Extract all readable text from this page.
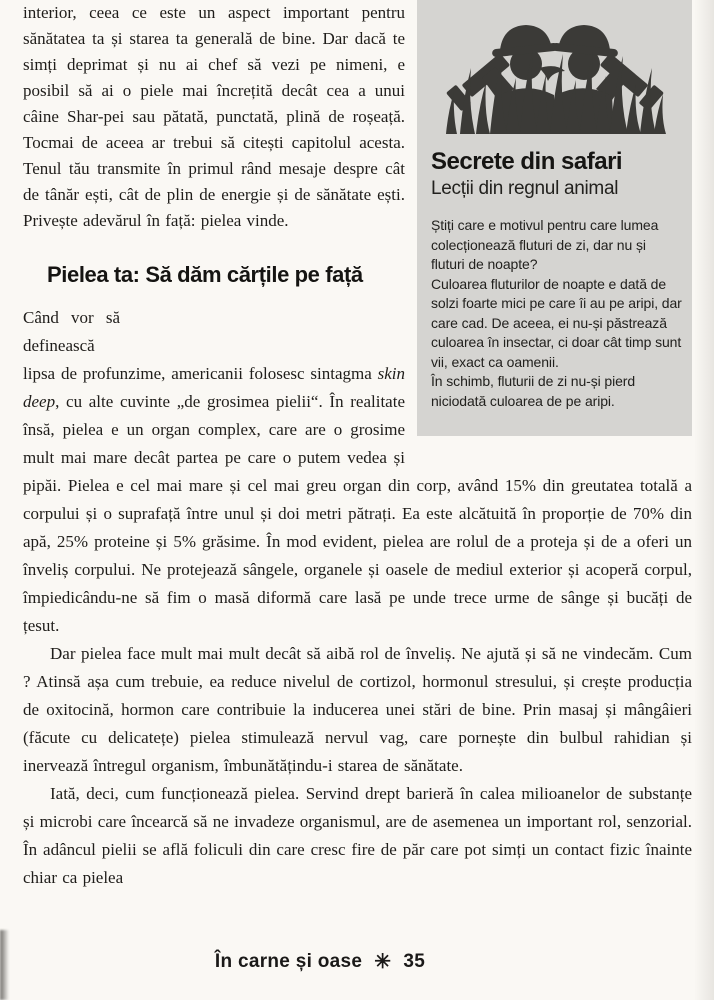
Secrete din safari
Lecții din regnul animal

Știți care e motivul pentru care lumea colecționează fluturi de zi, dar nu și fluturi de noapte?

Culoarea fluturilor de noapte e dată de solzi foarte mici pe care îi au pe aripi, dar care cad. De aceea, ei nu-și păstrează culoarea în insectar, ci doar cât timp sunt vii, exact ca oamenii.

În schimb, fluturii de zi nu-și pierd niciodată culoarea de pe aripi.

interior, ceea ce este un aspect important pentru sănătatea ta și starea ta generală de bine. Dar dacă te simți deprimat și nu ai chef să vezi pe nimeni, e posibil să ai o piele mai încrețită decât cea a unui câine Shar-pei sau pătată, punctată, plină de roșeață. Tocmai de aceea ar trebui să citești capitolul acesta. Tenul tău transmite în primul rând mesaje despre cât de tânăr ești, cât de plin de energie și de sănătate ești. Privește adevărul în față: pielea vinde.

Pielea ta: Să dăm cărțile pe față

Când vor să definească lipsa de profunzime, americanii folosesc sintagma skin deep, cu alte cuvinte „de grosimea pielii“. În realitate însă, pielea e un organ complex, care are o grosime mult mai mare decât partea pe care o putem vedea și pipăi. Pielea e cel mai mare și cel mai greu organ din corp, având 15% din greutatea totală a corpului și o suprafață între unul și doi metri pătrați. Ea este alcătuită în proporție de 70% din apă, 25% proteine și 5% grăsime. În mod evident, pielea are rolul de a proteja și de a oferi un înveliș corpului. Ne protejează sângele, organele și oasele de mediul exterior și acoperă corpul, împiedicându-ne să fim o masă diformă care lasă pe unde trece urme de sânge și bucăți de țesut.

Dar pielea face mult mai mult decât să aibă rol de înveliș. Ne ajută și să ne vindecăm. Cum ? Atinsă așa cum trebuie, ea reduce nivelul de cortizol, hormonul stresului, și crește producția de oxitocină, hormon care contribuie la inducerea unei stări de bine. Prin masaj și mângâieri (făcute cu delicatețe) pielea stimulează nervul vag, care pornește din bulbul rahidian și inervează întregul organism, îmbunătățindu-i starea de sănătate.

Iată, deci, cum funcționează pielea. Servind drept barieră în calea milioanelor de substanțe și microbi care încearcă să ne invadeze organismul, are de asemenea un important rol, senzorial. În adâncul pielii se află foliculi din care cresc fire de păr care pot simți un contact fizic înainte chiar ca pielea

În carne și oase ✳ 35
